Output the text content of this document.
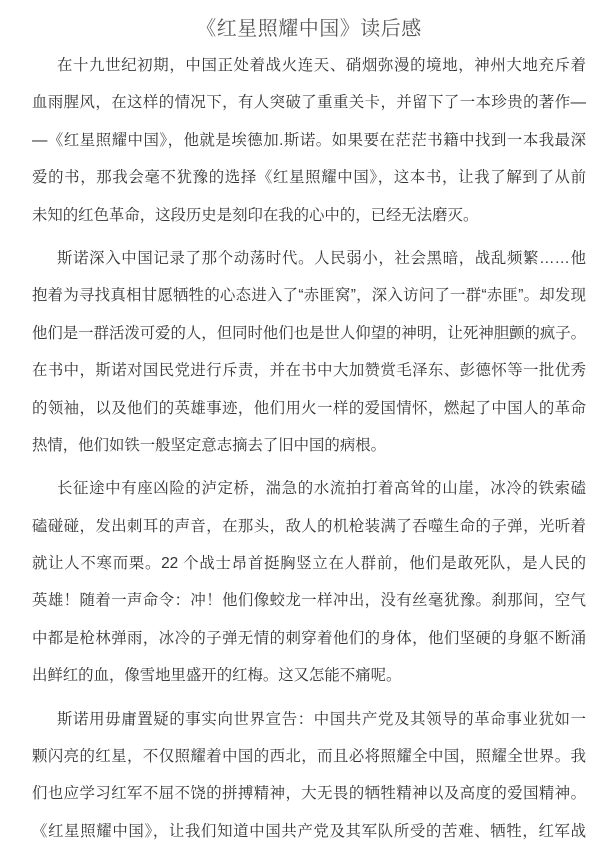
《红星照耀中国》读后感
在十九世纪初期，中国正处着战火连天、硝烟弥漫的境地，神州大地充斥着
血雨腥风，在这样的情况下，有人突破了重重关卡，并留下了一本珍贵的著作—
—《红星照耀中国》，他就是埃德加.斯诺。如果要在茫茫书籍中找到一本我最深
爱的书，那我会毫不犹豫的选择《红星照耀中国》，这本书，让我了解到了从前
未知的红色革命，这段历史是刻印在我的心中的，已经无法磨灭。
斯诺深入中国记录了那个动荡时代。人民弱小，社会黑暗，战乱频繁……他
抱着为寻找真相甘愿牺牲的心态进入了“赤匪窝”，深入访问了一群“赤匪”。却发现
他们是一群活泼可爱的人，但同时他们也是世人仰望的神明，让死神胆颤的疯子。
在书中，斯诺对国民党进行斥责，并在书中大加赞赏毛泽东、彭德怀等一批优秀
的领袖，以及他们的英雄事迹，他们用火一样的爱国情怀，燃起了中国人的革命
热情，他们如铁一般坚定意志摘去了旧中国的病根。
长征途中有座凶险的泸定桥，湍急的水流拍打着高耸的山崖，冰冷的铁索磕
磕碰碰，发出刺耳的声音，在那头，敌人的机枪装满了吞噬生命的子弹，光听着
就让人不寒而栗。22 个战士昂首挺胸竖立在人群前，他们是敢死队，是人民的
英雄！随着一声命令：冲！他们像蛟龙一样冲出，没有丝毫犹豫。刹那间，空气
中都是枪林弹雨，冰冷的子弹无情的刺穿着他们的身体，他们坚硬的身躯不断涌
出鲜红的血，像雪地里盛开的红梅。这又怎能不痛呢。
斯诺用毋庸置疑的事实向世界宣告：中国共产党及其领导的革命事业犹如一
颗闪亮的红星，不仅照耀着中国的西北，而且必将照耀全中国，照耀全世界。我
们也应学习红军不屈不饶的拼搏精神，大无畏的牺牲精神以及高度的爱国精神。
《红星照耀中国》，让我们知道中国共产党及其军队所受的苦难、牺牲，红军战
